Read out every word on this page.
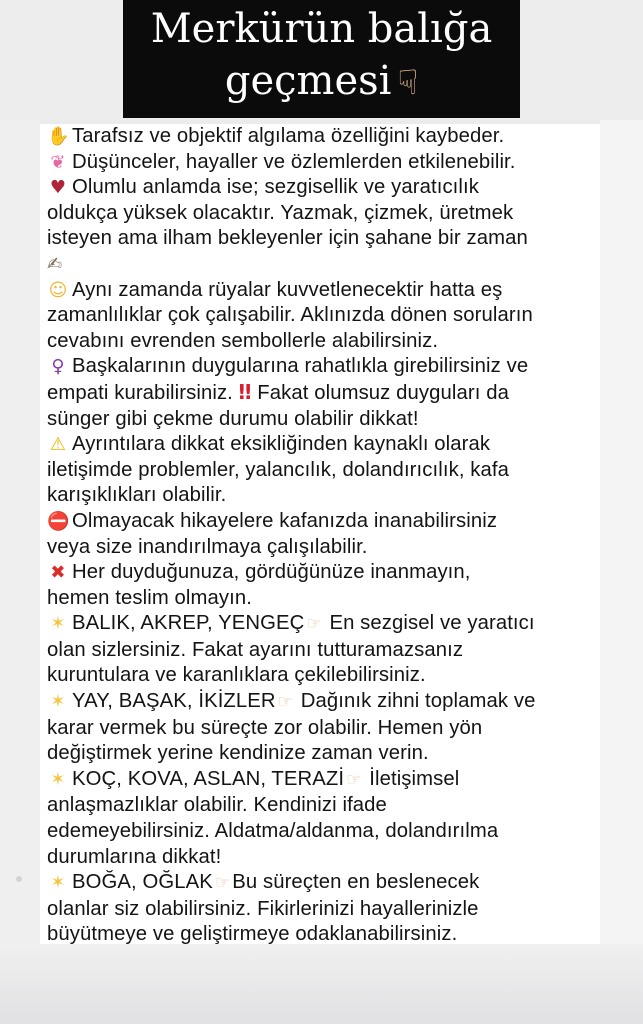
Merkürün balığa
geçmesi ☟

✋ Tarafsız ve objektif algılama özelliğini kaybeder.

❦ Düşünceler, hayaller ve özlemlerden etkilenebilir.

♥ Olumlu anlamda ise; sezgisellik ve yaratıcılık
oldukça yüksek olacaktır. Yazmak, çizmek, üretmek
isteyen ama ilham bekleyenler için şahane bir zaman
✍

☺ Aynı zamanda rüyalar kuvvetlenecektir hatta eş
zamanlılıklar çok çalışabilir. Aklınızda dönen soruların
cevabını evrenden sembollerle alabilirsiniz.

♀ Başkalarının duygularına rahatlıkla girebilirsiniz ve
empati kurabilirsiniz. ‼ Fakat olumsuz duyguları da
sünger gibi çekme durumu olabilir dikkat!

⚠ Ayrıntılara dikkat eksikliğinden kaynaklı olarak
iletişimde problemler, yalancılık, dolandırıcılık, kafa
karışıklıkları olabilir.

⛔ Olmayacak hikayelere kafanızda inanabilirsiniz
veya size inandırılmaya çalışılabilir.

✖ Her duyduğunuza, gördüğünüze inanmayın,
hemen teslim olmayın.

✶ BALIK, AKREP, YENGEÇ ☞ En sezgisel ve yaratıcı
olan sizlersiniz. Fakat ayarını tutturamazsanız
kuruntulara ve karanlıklara çekilebilirsiniz.

✶ YAY, BAŞAK, İKİZLER ☞ Dağınık zihni toplamak ve
karar vermek bu süreçte zor olabilir. Hemen yön
değiştirmek yerine kendinize zaman verin.

✶ KOÇ, KOVA, ASLAN, TERAZİ ☞ İletişimsel
anlaşmazlıklar olabilir. Kendinizi ifade
edemeyebilirsiniz. Aldatma/aldanma, dolandırılma
durumlarına dikkat!

✶ BOĞA, OĞLAK ☞Bu süreçten en beslenecek
olanlar siz olabilirsiniz. Fikirlerinizi hayallerinizle
büyütmeye ve geliştirmeye odaklanabilirsiniz.
